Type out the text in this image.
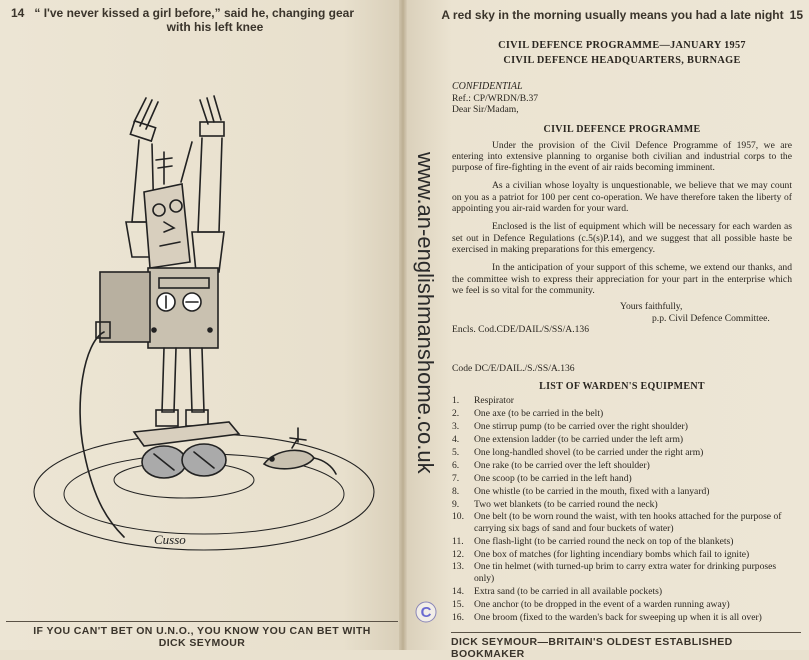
14 “ I've never kissed a girl before,” said he, changing gear
with his left knee
Cusso
IF YOU CAN'T BET ON U.N.O., YOU KNOW YOU CAN BET WITH
DICK SEYMOUR
A red sky in the morning usually means you had a late night 15
CIVIL DEFENCE PROGRAMME—JANUARY 1957
CIVIL DEFENCE HEADQUARTERS, BURNAGE
CONFIDENTIAL
Ref.: CP/WRDN/B.37
Dear Sir/Madam,
CIVIL DEFENCE PROGRAMME

Under the provision of the Civil Defence Programme of 1957, we are entering into extensive planning to organise both civilian and industrial corps to the purpose of fire-fighting in the event of air raids becoming imminent.

As a civilian whose loyalty is unquestionable, we believe that we may count on you as a patriot for 100 per cent co-operation. We have therefore taken the liberty of appointing you air-raid warden for your ward.

Enclosed is the list of equipment which will be necessary for each warden as set out in Defence Regulations (c.5(s)P.14), and we suggest that all possible haste be exercised in making preparations for this emergency.

In the anticipation of your support of this scheme, we extend our thanks, and the committee wish to express their appreciation for your part in the enterprise which we feel is so vital for the community.

Yours faithfully,
p.p. Civil Defence Committee.
Encls. Cod.CDE/DAIL/S/SS/A.136
Code DC/E/DAIL./S./SS/A.136
LIST OF WARDEN'S EQUIPMENT
1.	Respirator
2.	One axe (to be carried in the belt)
3.	One stirrup pump (to be carried over the right shoulder)
4.	One extension ladder (to be carried under the left arm)
5.	One long-handled shovel (to be carried under the right arm)
6.	One rake (to be carried over the left shoulder)
7.	One scoop (to be carried in the left hand)
8.	One whistle (to be carried in the mouth, fixed with a lanyard)
9.	Two wet blankets (to be carried round the neck)
10.	One belt (to be worn round the waist, with ten hooks attached for the purpose of carrying six bags of sand and four buckets of water)
11.	One flash-light (to be carried round the neck on top of the blankets)
12.	One box of matches (for lighting incendiary bombs which fail to ignite)
13.	One tin helmet (with turned-up brim to carry extra water for drinking purposes only)
14.	Extra sand (to be carried in all available pockets)
15.	One anchor (to be dropped in the event of a warden running away)
16.	One broom (fixed to the warden's back for sweeping up when it is all over)
DICK SEYMOUR—BRITAIN'S OLDEST ESTABLISHED BOOKMAKER
www.an-englishmanshome.co.uk
C
